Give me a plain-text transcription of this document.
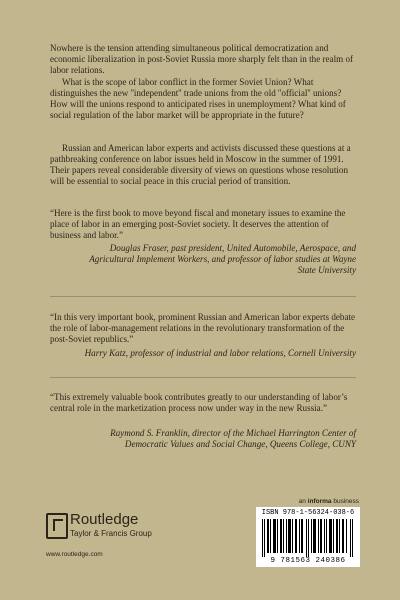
Nowhere is the tension attending simultaneous political democratization and economic liberalization in post-Soviet Russia more sharply felt than in the realm of labor relations.

What is the scope of labor conflict in the former Soviet Union? What distinguishes the new ''independent'' trade unions from the old ''official'' unions? How will the unions respond to anticipated rises in unemployment? What kind of social regulation of the labor market will be appropriate in the future?

Russian and American labor experts and activists discussed these questions at a pathbreaking conference on labor issues held in Moscow in the summer of 1991. Their papers reveal considerable diversity of views on questions whose resolution will be essential to social peace in this crucial period of transition.

“Here is the first book to move beyond fiscal and monetary issues to examine the place of labor in an emerging post-Soviet society. It deserves the attention of business and labor.”

Douglas Fraser, past president, United Automobile, Aerospace, and Agricultural Implement Workers, and professor of labor studies at Wayne State University

“In this very important book, prominent Russian and American labor experts debate the role of labor-management relations in the revolutionary transformation of the post-Soviet republics.”

Harry Katz, professor of industrial and labor relations, Cornell University

“This extremely valuable book contributes greatly to our understanding of labor’s central role in the marketization process now under way in the new Russia.”

Raymond S. Franklin, director of the Michael Harrington Center of Democratic Values and Social Change, Queens College, CUNY

Routledge
Taylor & Francis Group
www.routledge.com
an informa business
ISBN 978-1-56324-038-6
9 781563 240386
